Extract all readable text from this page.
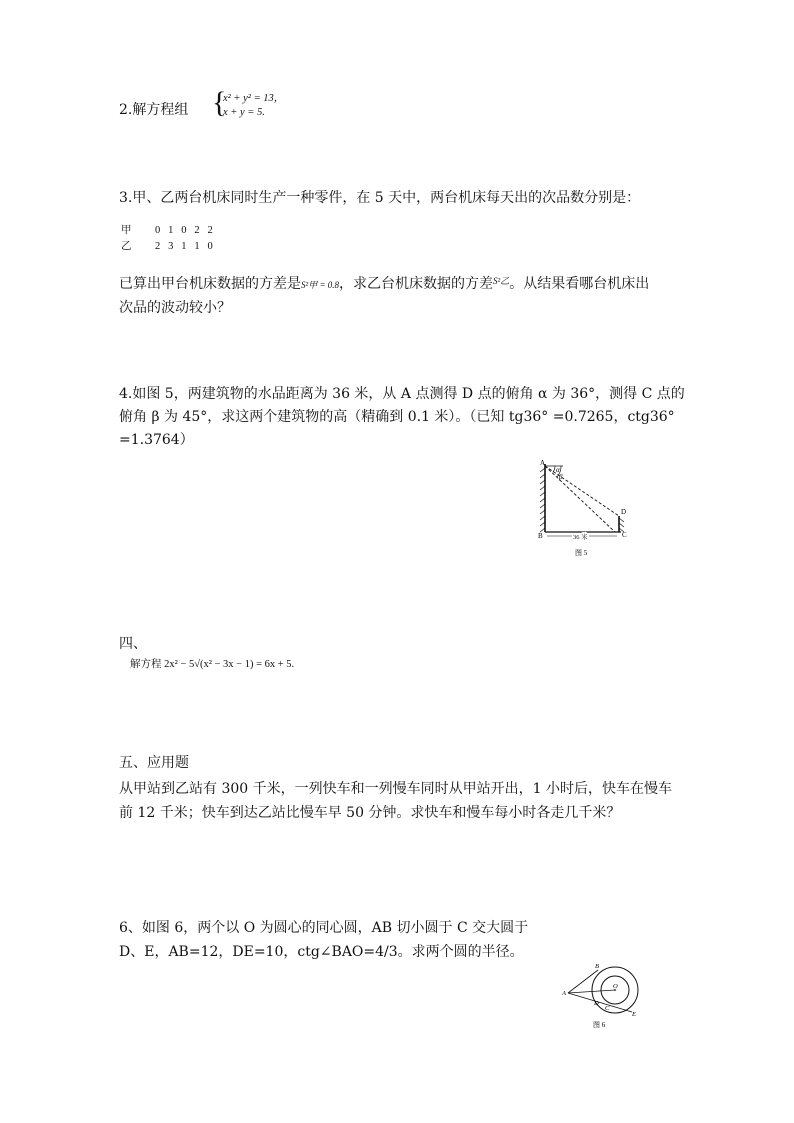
2.解方程组 {
x² + y² = 13，
x + y = 5.
3.甲、乙两台机床同时生产一种零件，在 5 天中，两台机床每天出的次品数分别是：
甲 0   1   0   2   2
乙 2   3   1   1   0
已算出甲台机床数据的方差是S²甲 = 0.8，求乙台机床数据的方差$^{S^2乙}$。从结果看哪台机床出
次品的波动较小？
4.如图 5，两建筑物的水品距离为 36 米，从 A 点测得 D 点的俯角 α 为 36°，测得 C 点的
俯角 β 为 45°，求这两个建筑物的高（精确到 0.1 米）。（已知 tg36° =0.7265，ctg36°
=1.3764）
A
α
β
B
D
C
36 米
图 5
四、
解方程 2x² − 5√(x² − 3x − 1) = 6x + 5.
五、应用题
从甲站到乙站有 300 千米，一列快车和一列慢车同时从甲站开出，1 小时后，快车在慢车
前 12 千米；快车到达乙站比慢车早 50 分钟。求快车和慢车每小时各走几千米？
6、如图 6，两个以 O 为圆心的同心圆，AB 切小圆于 C 交大圆于
D、E，AB=12，DE=10，ctg∠BAO=4/3。求两个圆的半径。
A
B
O
D
C
E
图 6
